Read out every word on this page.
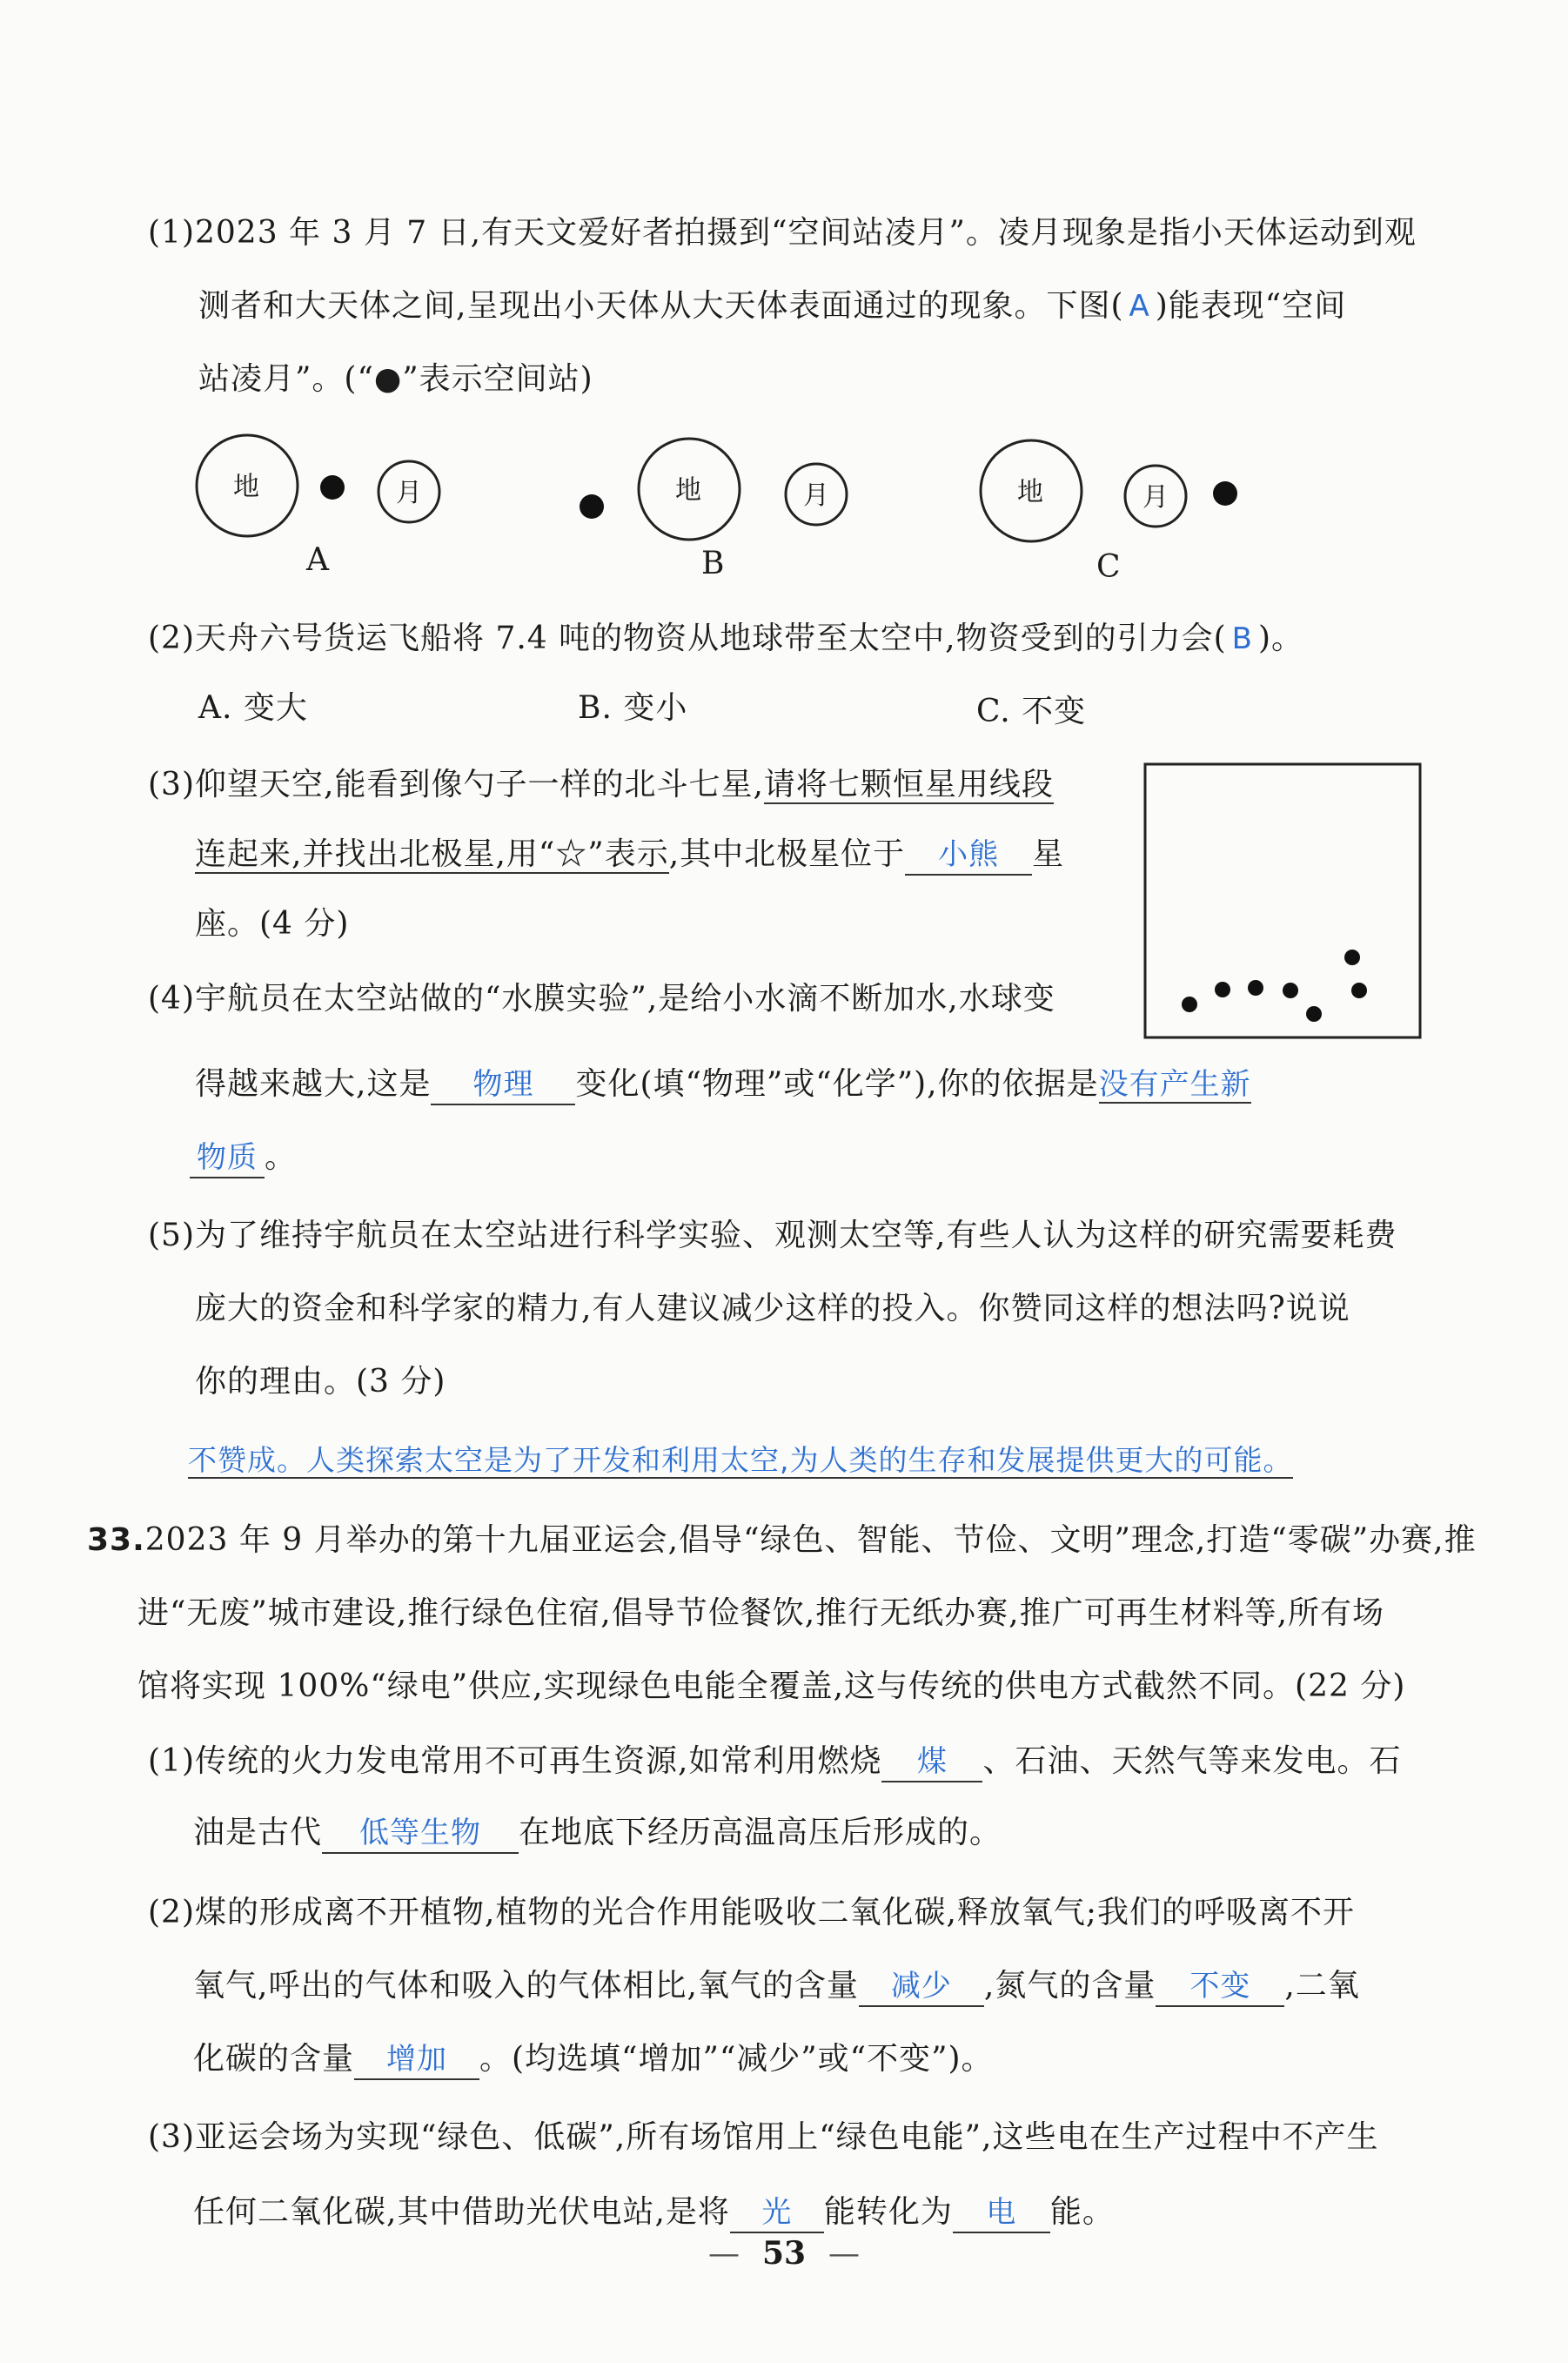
(1)2023 年 3 月 7 日,有天文爱好者拍摄到“空间站凌月”。凌月现象是指小天体运动到观
测者和大天体之间,呈现出小天体从大天体表面通过的现象。下图( A )能表现“空间
站凌月”。(“●”表示空间站)
地	月
A
地	月
B
地	月
C
(2)天舟六号货运飞船将 7.4 吨的物资从地球带至太空中,物资受到的引力会( B )。
A. 变大	B. 变小	C. 不变
(3)仰望天空,能看到像勺子一样的北斗七星,请将七颗恒星用线段
连起来,并找出北极星,用“☆”表示,其中北极星位于 小熊 星
座。(4 分)
(4)宇航员在太空站做的“水膜实验”,是给小水滴不断加水,水球变
得越来越大,这是 物理 变化(填“物理”或“化学”),你的依据是没有产生新
物质 。
(5)为了维持宇航员在太空站进行科学实验、观测太空等,有些人认为这样的研究需要耗费
庞大的资金和科学家的精力,有人建议减少这样的投入。你赞同这样的想法吗?说说
你的理由。(3 分)
不赞成。人类探索太空是为了开发和利用太空,为人类的生存和发展提供更大的可能。
33.2023 年 9 月举办的第十九届亚运会,倡导“绿色、智能、节俭、文明”理念,打造“零碳”办赛,推
进“无废”城市建设,推行绿色住宿,倡导节俭餐饮,推行无纸办赛,推广可再生材料等,所有场
馆将实现 100%“绿电”供应,实现绿色电能全覆盖,这与传统的供电方式截然不同。(22 分)
(1)传统的火力发电常用不可再生资源,如常利用燃烧 煤 、石油、天然气等来发电。石
油是古代 低等生物 在地底下经历高温高压后形成的。
(2)煤的形成离不开植物,植物的光合作用能吸收二氧化碳,释放氧气;我们的呼吸离不开
氧气,呼出的气体和吸入的气体相比,氧气的含量 减少 ,氮气的含量 不变 ,二氧
化碳的含量 增加 。(均选填“增加”“减少”或“不变”)。
(3)亚运会场为实现“绿色、低碳”,所有场馆用上“绿色电能”,这些电在生产过程中不产生
任何二氧化碳,其中借助光伏电站,是将 光 能转化为 电 能。
— 53 —
